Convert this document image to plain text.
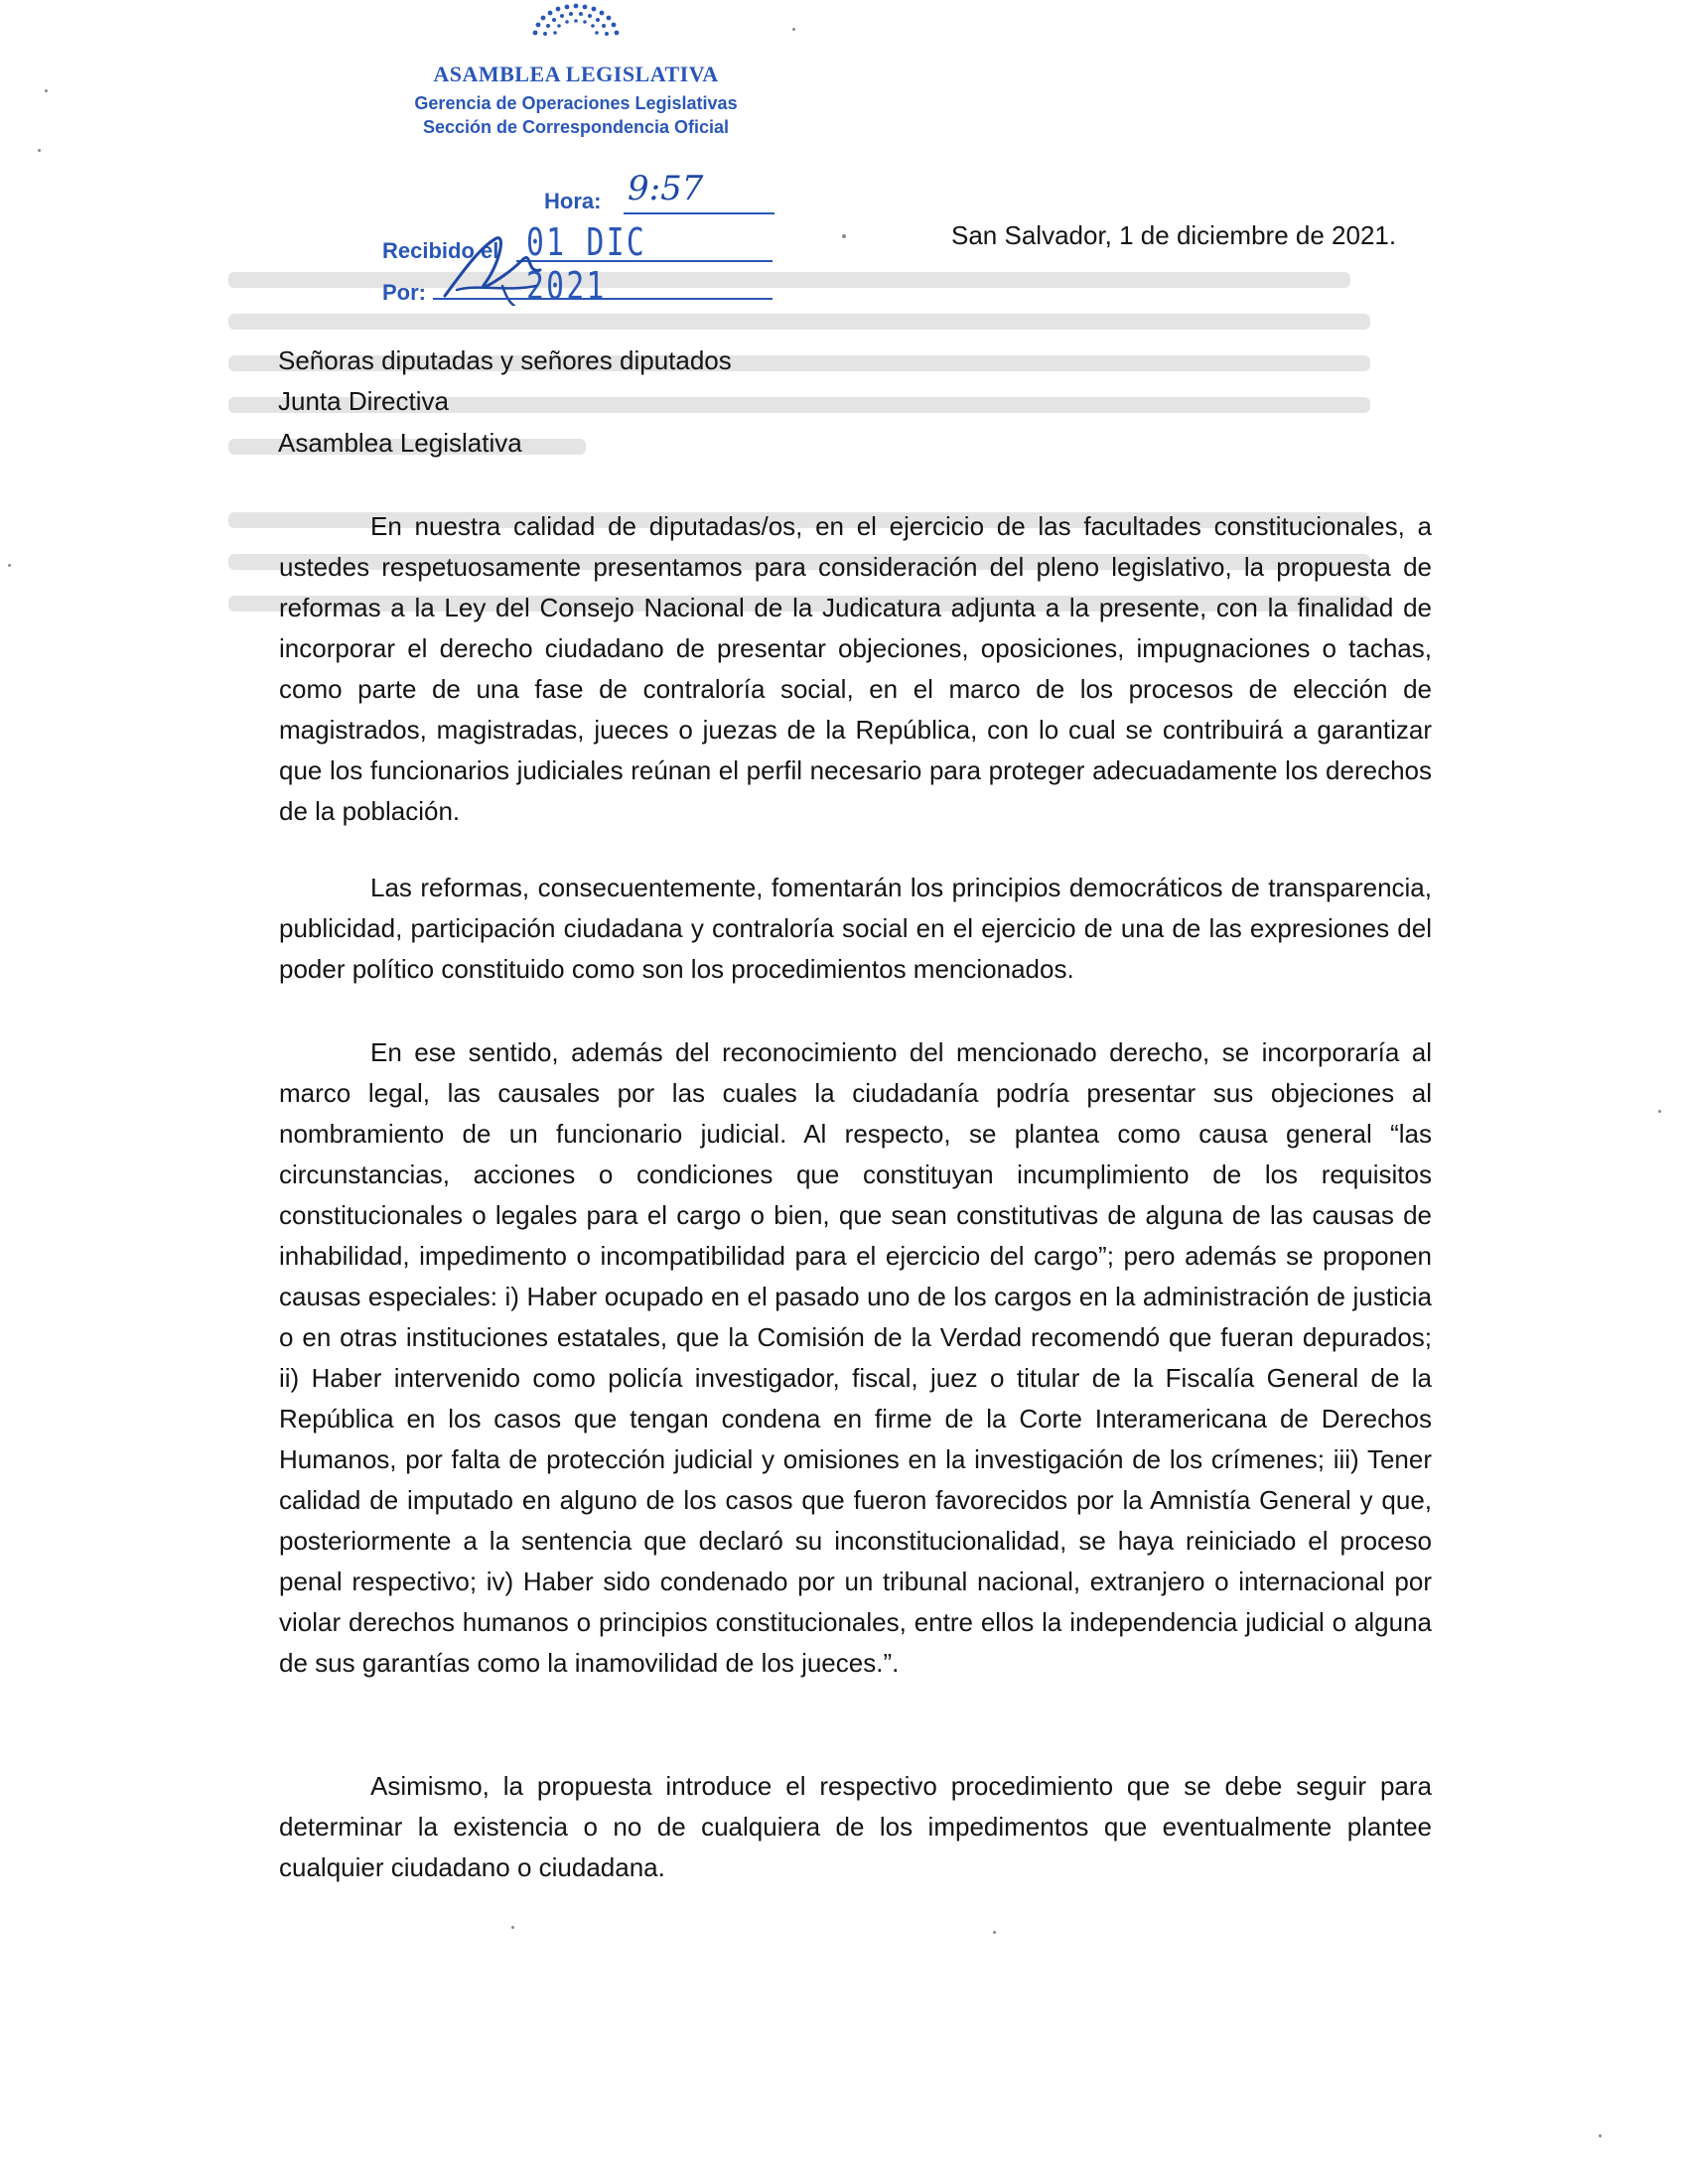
ASAMBLEA LEGISLATIVA
Gerencia de Operaciones Legislativas
Sección de Correspondencia Oficial
Hora: 9:57
Recibido el 01 DIC 2021
Por:
San Salvador, 1 de diciembre de 2021.
Señoras diputadas y señores diputados
Junta Directiva
Asamblea Legislativa

En nuestra calidad de diputadas/os, en el ejercicio de las facultades constitucionales, a ustedes respetuosamente presentamos para consideración del pleno legislativo, la propuesta de reformas a la Ley del Consejo Nacional de la Judicatura adjunta a la presente, con la finalidad de incorporar el derecho ciudadano de presentar objeciones, oposiciones, impugnaciones o tachas, como parte de una fase de contraloría social, en el marco de los procesos de elección de magistrados, magistradas, jueces o juezas de la República, con lo cual se contribuirá a garantizar que los funcionarios judiciales reúnan el perfil necesario para proteger adecuadamente los derechos de la población.

Las reformas, consecuentemente, fomentarán los principios democráticos de transparencia, publicidad, participación ciudadana y contraloría social en el ejercicio de una de las expresiones del poder político constituido como son los procedimientos mencionados.

En ese sentido, además del reconocimiento del mencionado derecho, se incorporaría al marco legal, las causales por las cuales la ciudadanía podría presentar sus objeciones al nombramiento de un funcionario judicial. Al respecto, se plantea como causa general “las circunstancias, acciones o condiciones que constituyan incumplimiento de los requisitos constitucionales o legales para el cargo o bien, que sean constitutivas de alguna de las causas de inhabilidad, impedimento o incompatibilidad para el ejercicio del cargo”; pero además se proponen causas especiales: i) Haber ocupado en el pasado uno de los cargos en la administración de justicia o en otras instituciones estatales, que la Comisión de la Verdad recomendó que fueran depurados; ii) Haber intervenido como policía investigador, fiscal, juez o titular de la Fiscalía General de la República en los casos que tengan condena en firme de la Corte Interamericana de Derechos Humanos, por falta de protección judicial y omisiones en la investigación de los crímenes; iii) Tener calidad de imputado en alguno de los casos que fueron favorecidos por la Amnistía General y que, posteriormente a la sentencia que declaró su inconstitucionalidad, se haya reiniciado el proceso penal respectivo; iv) Haber sido condenado por un tribunal nacional, extranjero o internacional por violar derechos humanos o principios constitucionales, entre ellos la independencia judicial o alguna de sus garantías como la inamovilidad de los jueces.”.

Asimismo, la propuesta introduce el respectivo procedimiento que se debe seguir para determinar la existencia o no de cualquiera de los impedimentos que eventualmente plantee cualquier ciudadano o ciudadana.
